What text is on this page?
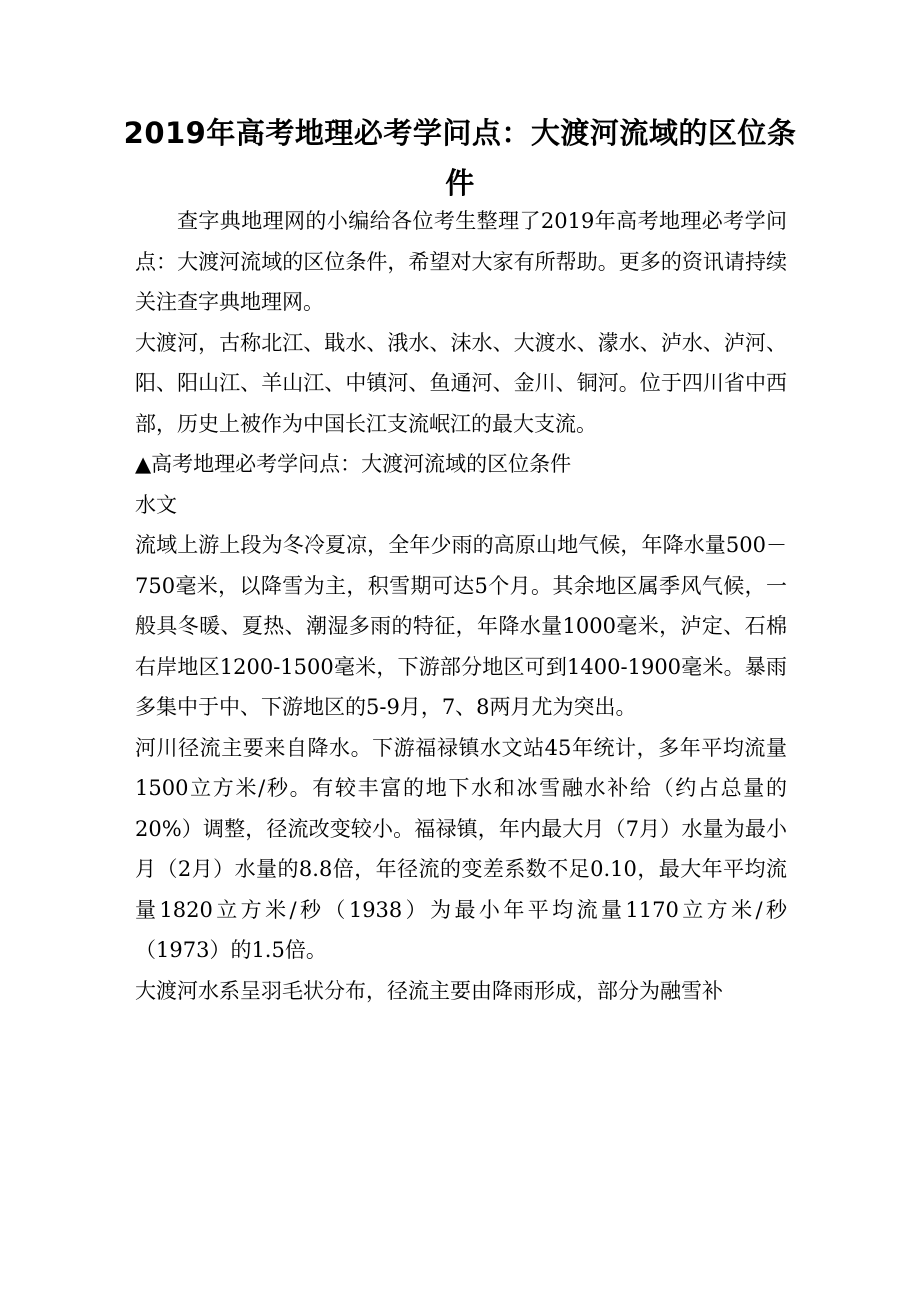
2019年高考地理必考学问点：大渡河流域的区位条件

查字典地理网的小编给各位考生整理了2019年高考地理必考学问点：大渡河流域的区位条件，希望对大家有所帮助。更多的资讯请持续关注查字典地理网。

大渡河，古称北江、戢水、涐水、沫水、大渡水、濛水、泸水、泸河、阳、阳山江、羊山江、中镇河、鱼通河、金川、铜河。位于四川省中西部，历史上被作为中国长江支流岷江的最大支流。

▲高考地理必考学问点：大渡河流域的区位条件

水文

流域上游上段为冬冷夏凉，全年少雨的高原山地气候，年降水量500－750毫米，以降雪为主，积雪期可达5个月。其余地区属季风气候，一般具冬暖、夏热、潮湿多雨的特征，年降水量1000毫米，泸定、石棉右岸地区1200-1500毫米，下游部分地区可到1400-1900毫米。暴雨多集中于中、下游地区的5-9月，7、8两月尤为突出。

河川径流主要来自降水。下游福禄镇水文站45年统计，多年平均流量1500立方米/秒。有较丰富的地下水和冰雪融水补给（约占总量的20%）调整，径流改变较小。福禄镇，年内最大月（7月）水量为最小月（2月）水量的8.8倍，年径流的变差系数不足0.10，最大年平均流量1820立方米/秒（1938）为最小年平均流量1170立方米/秒（1973）的1.5倍。

大渡河水系呈羽毛状分布，径流主要由降雨形成，部分为融雪补
